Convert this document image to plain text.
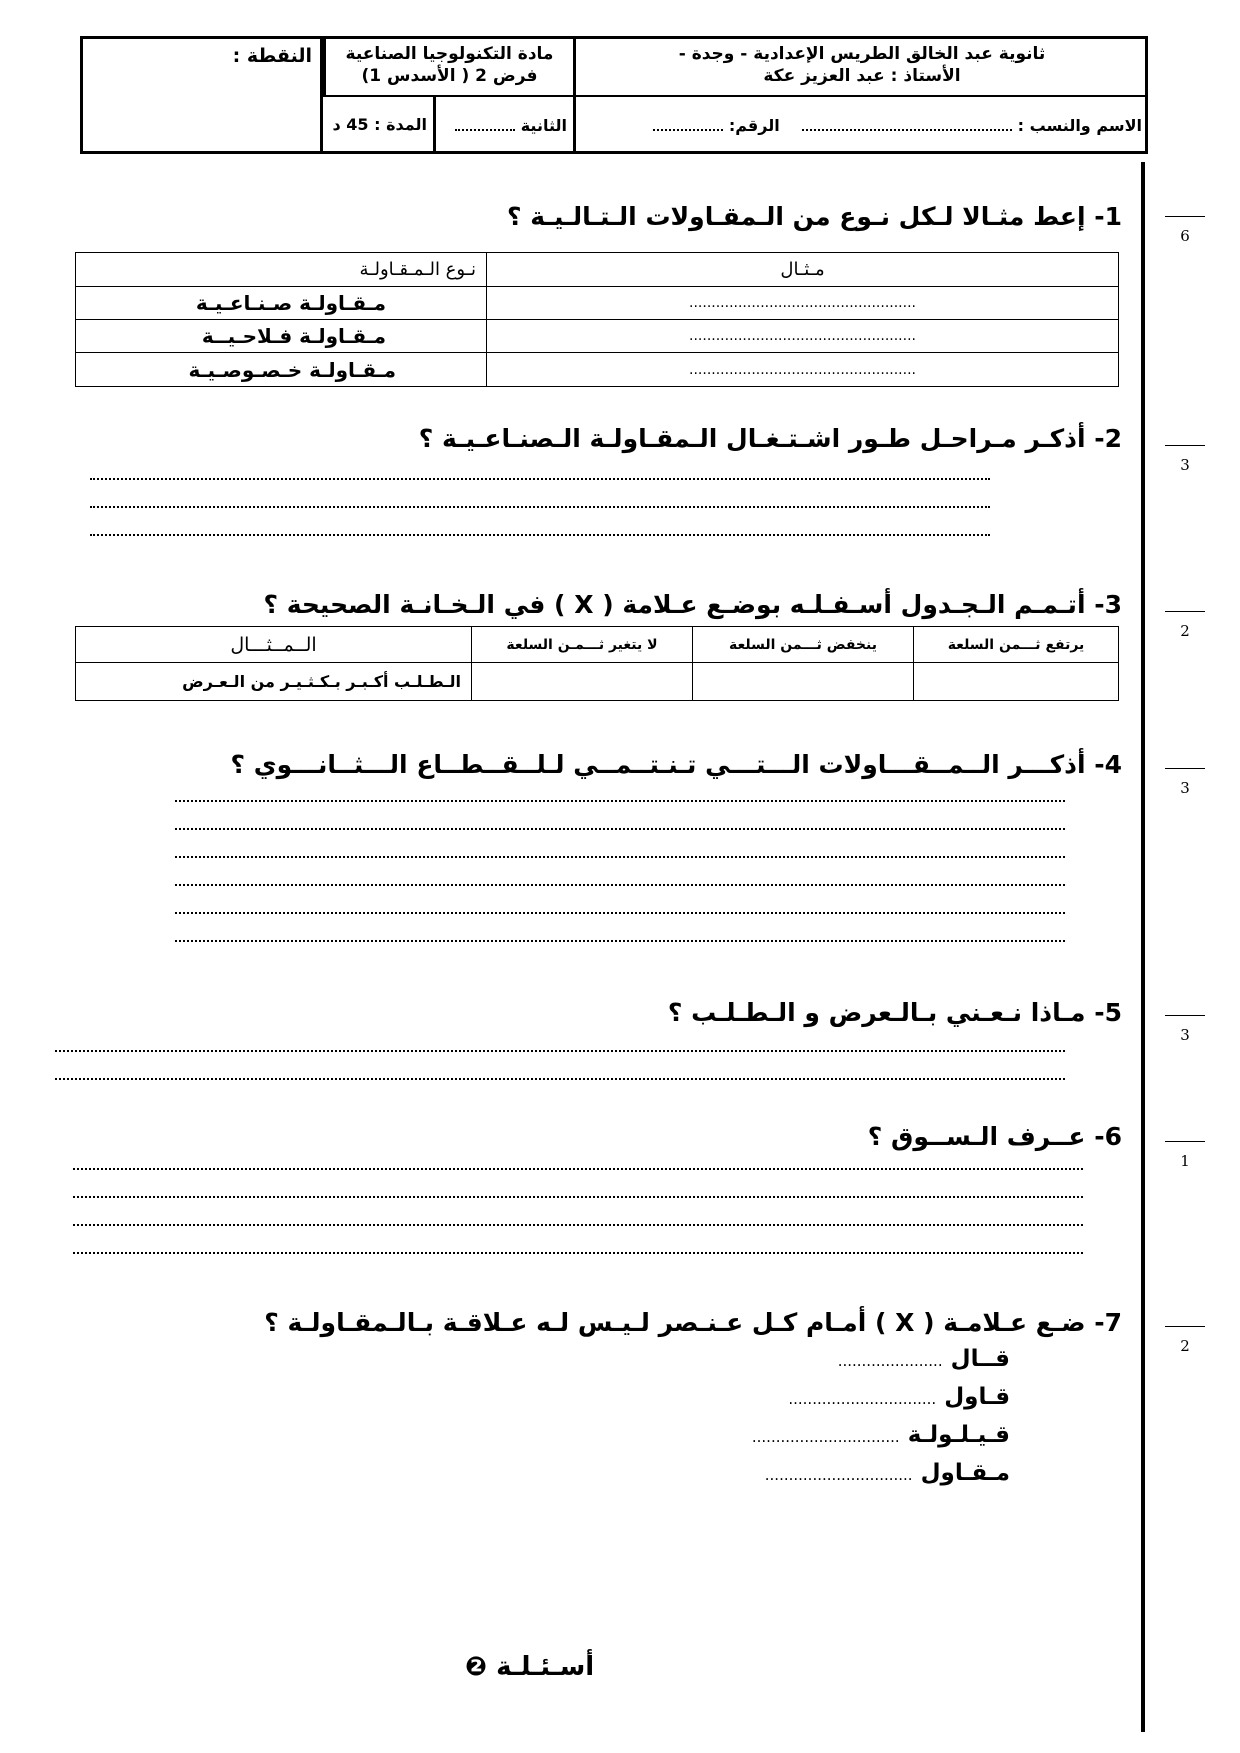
ثانوية عبد الخالق الطريس الإعدادية - وجدة -
الأستاذ : عبد العزيز عكة
مادة التكنولوجيا الصناعية
فرض 2 ( الأسدس 1)
النقطة :
الاسم والنسب :     الرقم:
الثانية
المدة : 45 د
6
3
2
3
3
1
2
1- إعط مثـالا لـكل نـوع من الـمقـاولات الـتـالـيـة ؟
نـوع الـمـقـاولـة	مـثـال
مـقـاولـة صـنـاعـيـة	...................................................
مـقـاولـة فـلاحـيــة	...................................................
مـقـاولـة خـصـوصـيـة	...................................................
2- أذكـر مـراحـل طـور اشـتـغـال الـمقـاولـة الـصنـاعـيـة ؟
3- أتـمـم الـجـدول أسـفـلـه بوضـع عـلامة ( X ) في الـخـانـة الصحيحة ؟
الــمــثـــال	لا يتغير ثـــمـن السلعة	ينخفض ثـــمن السلعة	يرتفع ثـــمن السلعة
الـطـلـب أكـبـر بـكـثـيـر من الـعـرض			
4- أذكـــر الــمــقـــاولات الـــتـــي تـنـتــمــي لـلــقــطــاع الـــثــانـــوي ؟
5- مـاذا نـعـني بـالـعرض و الـطـلـب ؟
6- عــرف الـســوق ؟
7- ضـع عـلامـة ( X ) أمـام كـل عـنـصر لـيـس لـه عـلاقـة بـالـمقـاولـة ؟
قــال ......................
قـاول ...............................
قـيـلـولـة ...............................
مـقـاول ...............................
أسـئـلـة ❷
